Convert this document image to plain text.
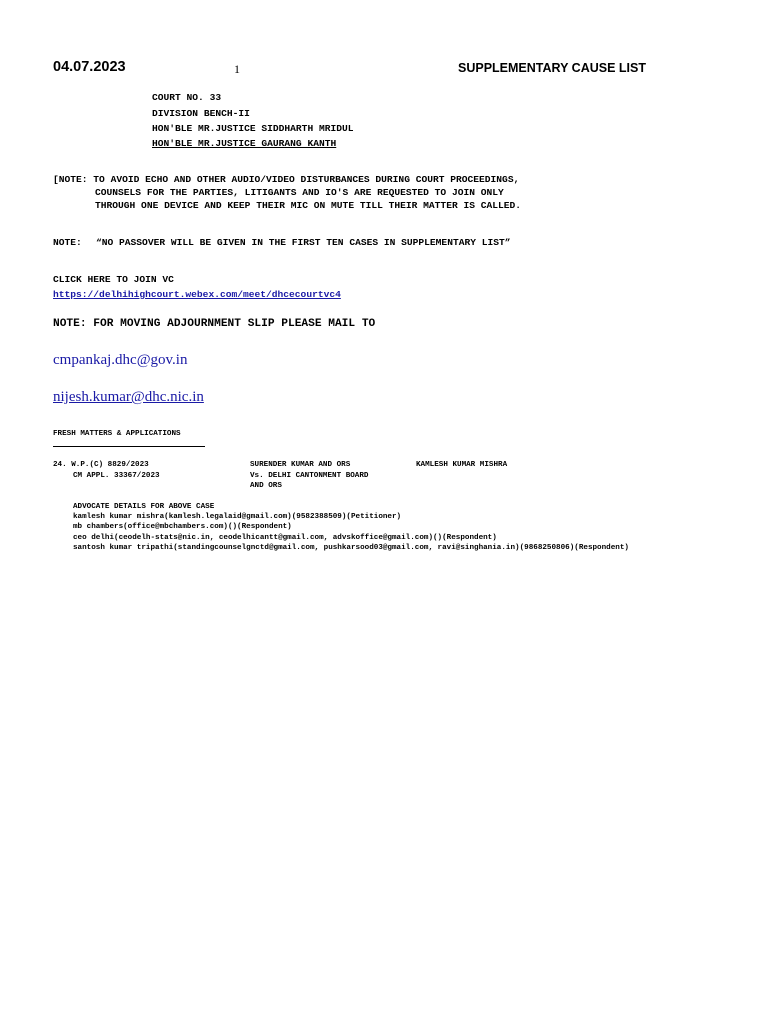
04.07.2023	1	SUPPLEMENTARY CAUSE LIST
COURT NO. 33
DIVISION BENCH-II
HON'BLE MR.JUSTICE SIDDHARTH MRIDUL
HON'BLE MR.JUSTICE GAURANG KANTH
[NOTE: TO AVOID ECHO AND OTHER AUDIO/VIDEO DISTURBANCES DURING COURT PROCEEDINGS,
COUNSELS FOR THE PARTIES, LITIGANTS AND IO'S ARE REQUESTED TO JOIN ONLY
THROUGH ONE DEVICE AND KEEP THEIR MIC ON MUTE TILL THEIR MATTER IS CALLED.
NOTE: “NO PASSOVER WILL BE GIVEN IN THE FIRST TEN CASES IN SUPPLEMENTARY LIST”
CLICK HERE TO JOIN VC
https://delhihighcourt.webex.com/meet/dhcecourtvc4
NOTE: FOR MOVING ADJOURNMENT SLIP PLEASE MAIL TO
cmpankaj.dhc@gov.in
nijesh.kumar@dhc.nic.in
FRESH MATTERS & APPLICATIONS
24. W.P.(C) 8829/2023
CM APPL. 33367/2023
SURENDER KUMAR AND ORS
Vs. DELHI CANTONMENT BOARD
AND ORS
KAMLESH KUMAR MISHRA
ADVOCATE DETAILS FOR ABOVE CASE
kamlesh kumar mishra(kamlesh.legalaid@gmail.com)(9582388509)(Petitioner)
mb chambers(office@mbchambers.com)()(Respondent)
ceo delhi(ceodelh-stats@nic.in, ceodelhicantt@gmail.com, advskoffice@gmail.com)()(Respondent)
santosh kumar tripathi(standingcounselgnctd@gmail.com, pushkarsood03@gmail.com, ravi@singhania.in)(9868250806)(Respondent)
